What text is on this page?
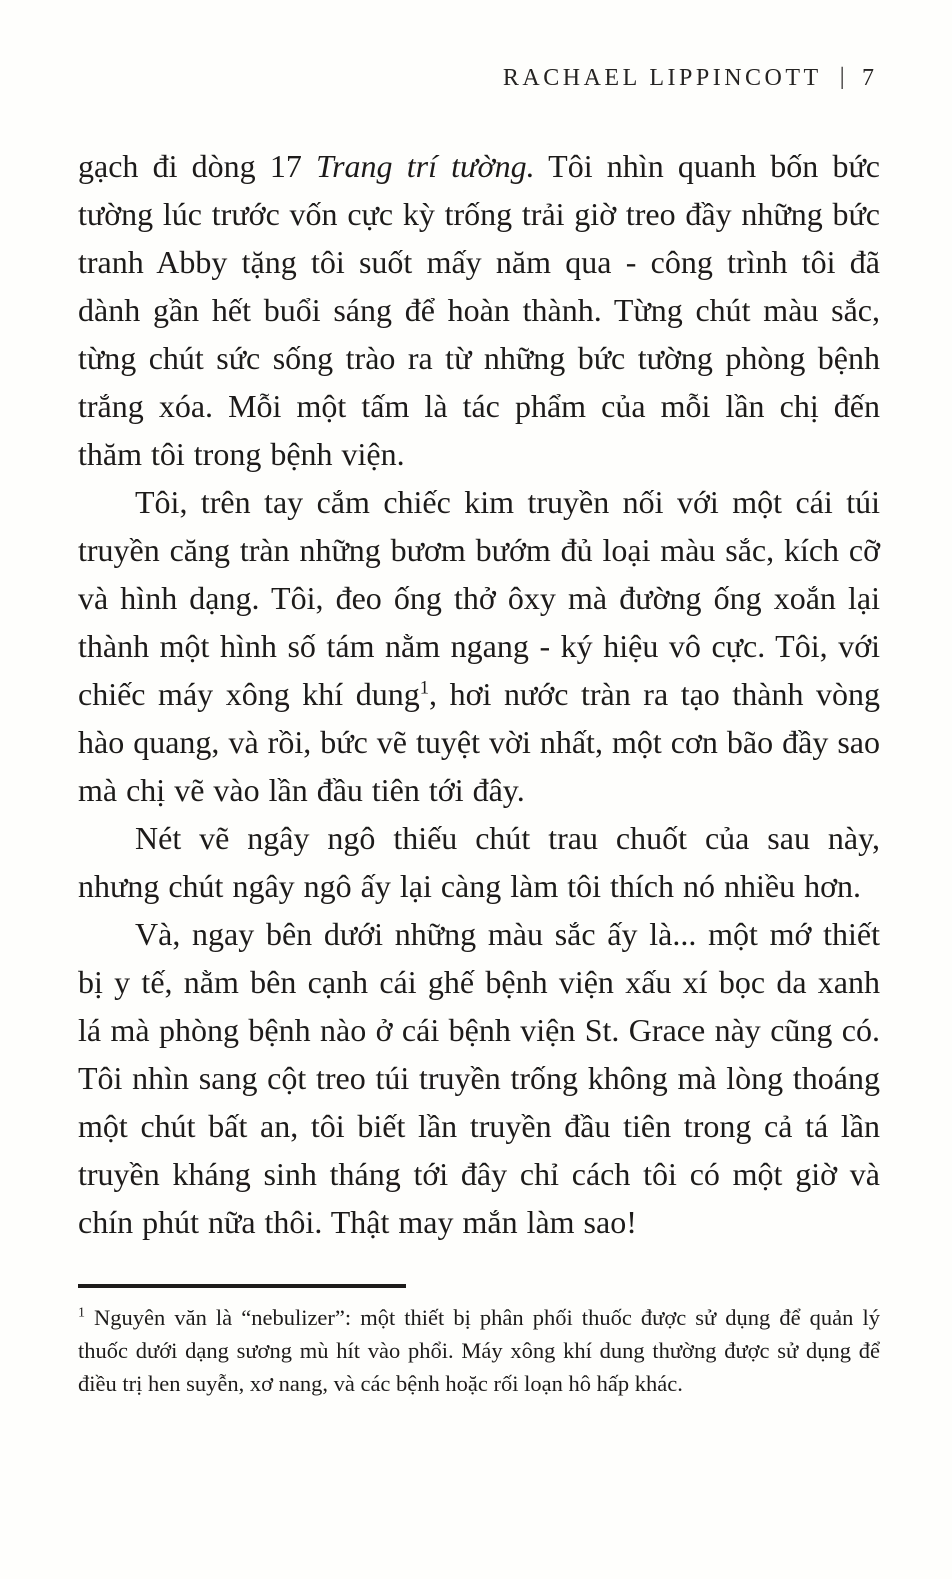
RACHAEL LIPPINCOTT | 7

gạch đi dòng 17 Trang trí tường. Tôi nhìn quanh bốn bức tường lúc trước vốn cực kỳ trống trải giờ treo đầy những bức tranh Abby tặng tôi suốt mấy năm qua - công trình tôi đã dành gần hết buổi sáng để hoàn thành. Từng chút màu sắc, từng chút sức sống trào ra từ những bức tường phòng bệnh trắng xóa. Mỗi một tấm là tác phẩm của mỗi lần chị đến thăm tôi trong bệnh viện.

Tôi, trên tay cắm chiếc kim truyền nối với một cái túi truyền căng tràn những bươm bướm đủ loại màu sắc, kích cỡ và hình dạng. Tôi, đeo ống thở ôxy mà đường ống xoắn lại thành một hình số tám nằm ngang - ký hiệu vô cực. Tôi, với chiếc máy xông khí dung$^1$, hơi nước tràn ra tạo thành vòng hào quang, và rồi, bức vẽ tuyệt vời nhất, một cơn bão đầy sao mà chị vẽ vào lần đầu tiên tới đây.

Nét vẽ ngây ngô thiếu chút trau chuốt của sau này, nhưng chút ngây ngô ấy lại càng làm tôi thích nó nhiều hơn.

Và, ngay bên dưới những màu sắc ấy là... một mớ thiết bị y tế, nằm bên cạnh cái ghế bệnh viện xấu xí bọc da xanh lá mà phòng bệnh nào ở cái bệnh viện St. Grace này cũng có. Tôi nhìn sang cột treo túi truyền trống không mà lòng thoáng một chút bất an, tôi biết lần truyền đầu tiên trong cả tá lần truyền kháng sinh tháng tới đây chỉ cách tôi có một giờ và chín phút nữa thôi. Thật may mắn làm sao!

$^1$ Nguyên văn là “nebulizer”: một thiết bị phân phối thuốc được sử dụng để quản lý thuốc dưới dạng sương mù hít vào phổi. Máy xông khí dung thường được sử dụng để điều trị hen suyễn, xơ nang, và các bệnh hoặc rối loạn hô hấp khác.
